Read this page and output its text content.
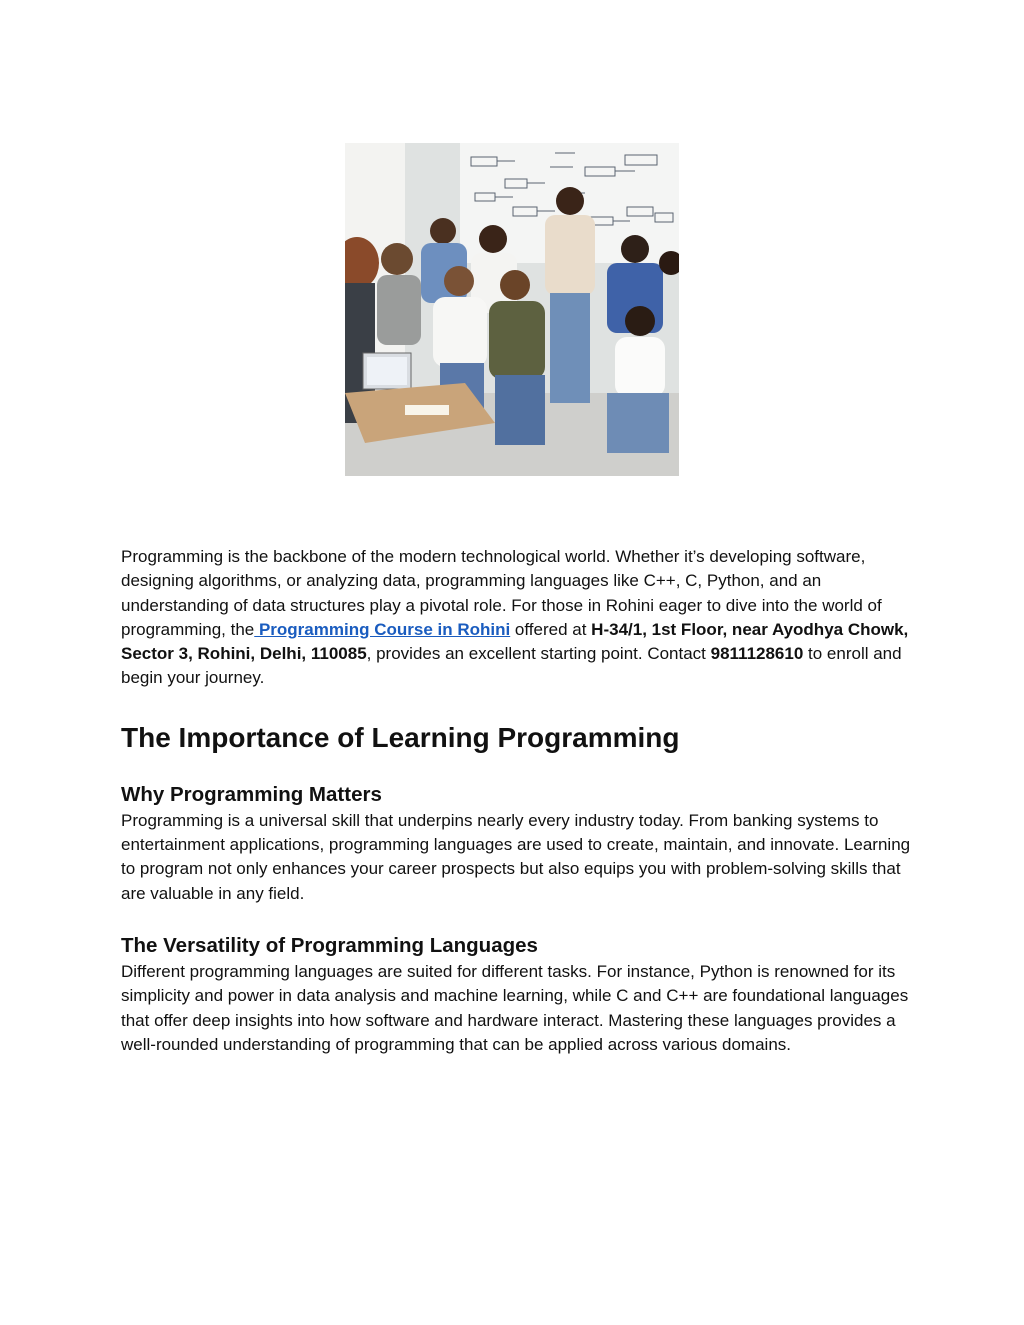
Programming is the backbone of the modern technological world. Whether it’s developing software, designing algorithms, or analyzing data, programming languages like C++, C, Python, and an understanding of data structures play a pivotal role. For those in Rohini eager to dive into the world of programming, the Programming Course in Rohini offered at H-34/1, 1st Floor, near Ayodhya Chowk, Sector 3, Rohini, Delhi, 110085, provides an excellent starting point. Contact 9811128610 to enroll and begin your journey.

The Importance of Learning Programming
Why Programming Matters

Programming is a universal skill that underpins nearly every industry today. From banking systems to entertainment applications, programming languages are used to create, maintain, and innovate. Learning to program not only enhances your career prospects but also equips you with problem-solving skills that are valuable in any field.

The Versatility of Programming Languages

Different programming languages are suited for different tasks. For instance, Python is renowned for its simplicity and power in data analysis and machine learning, while C and C++ are foundational languages that offer deep insights into how software and hardware interact. Mastering these languages provides a well-rounded understanding of programming that can be applied across various domains.
